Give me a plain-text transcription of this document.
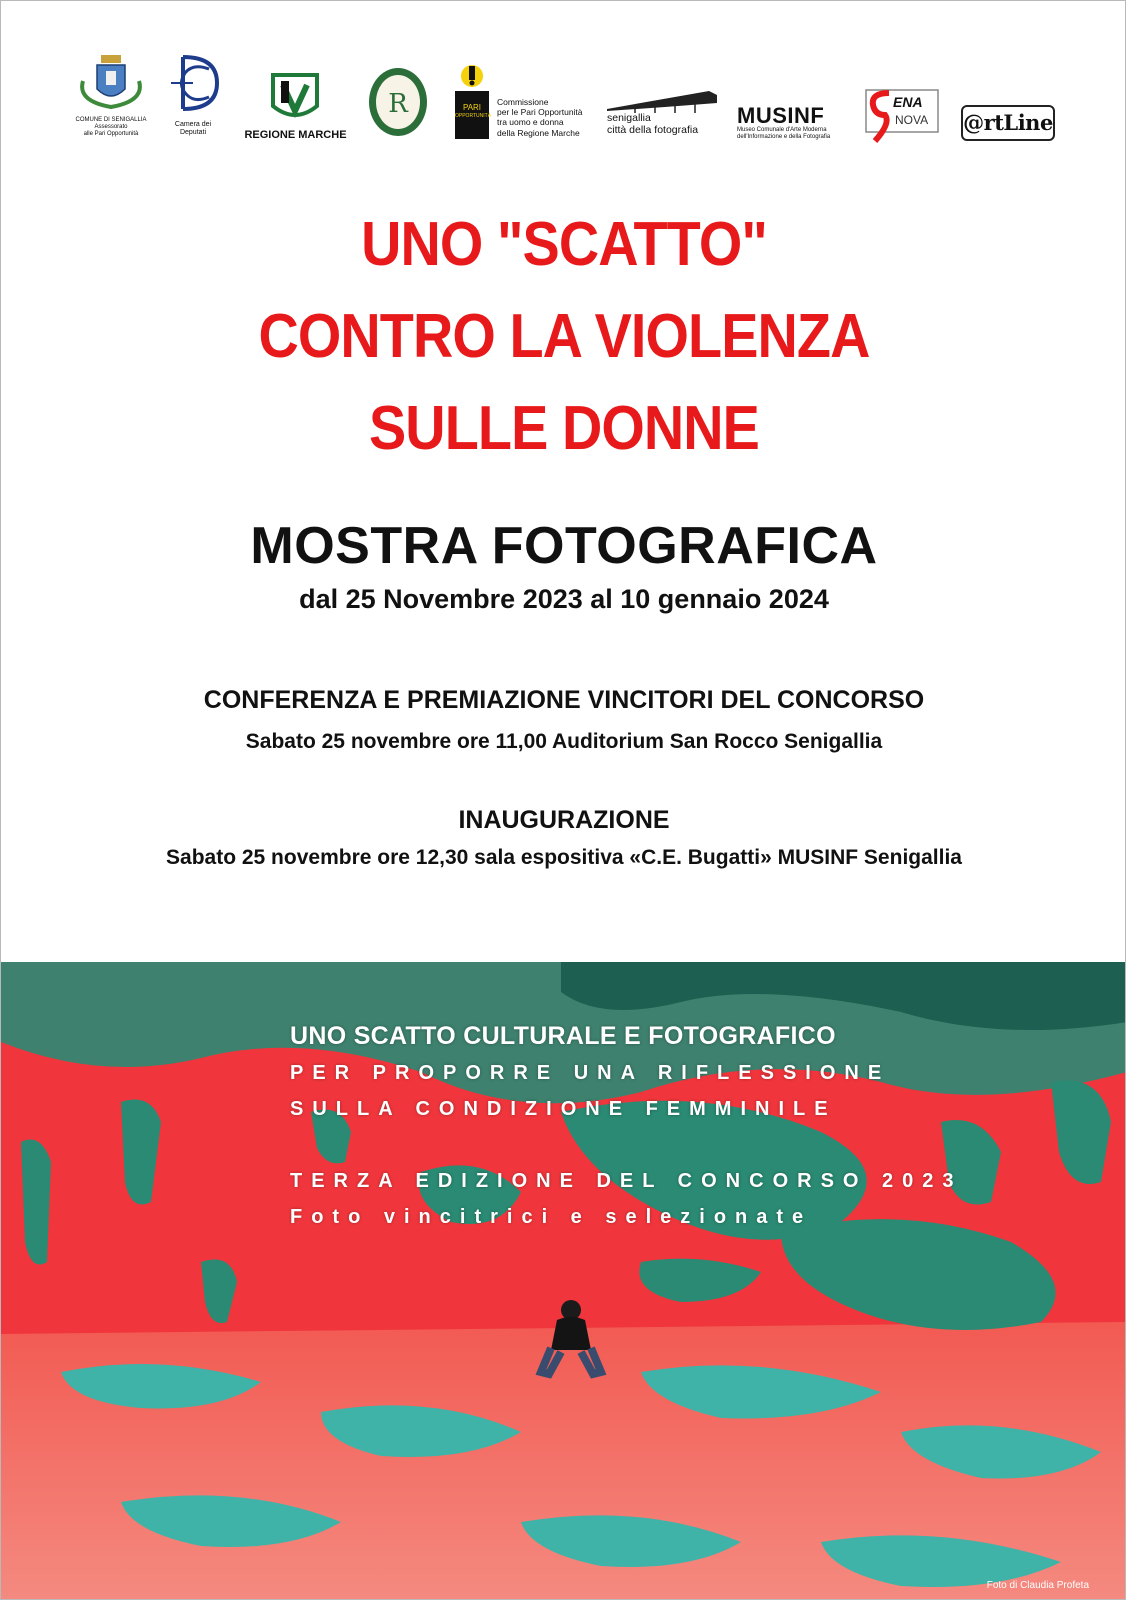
COMUNE DI SENIGALLIA
Assessorato
alle Pari Opportunità
Camera dei
Deputati	REGIONE MARCHE
R	PARI
OPPORTUNITÀ
Commissione
per le Pari Opportunità
tra uomo e donna
della Regione Marche
senigallia
città della fotografia
MUSINF
Museo Comunale d'Arte Moderna
dell'Informazione e della Fotografia
ENA
NOVA @rtLine
UNO "SCATTO"
CONTRO LA VIOLENZA
SULLE DONNE
MOSTRA FOTOGRAFICA
dal 25 Novembre 2023 al 10 gennaio 2024
CONFERENZA E PREMIAZIONE VINCITORI DEL CONCORSO
Sabato 25 novembre ore 11,00 Auditorium San Rocco Senigallia
INAUGURAZIONE
Sabato 25 novembre ore 12,30 sala espositiva «C.E. Bugatti» MUSINF Senigallia
UNO SCATTO CULTURALE E FOTOGRAFICO
PER PROPORRE UNA RIFLESSIONE
SULLA CONDIZIONE FEMMINILE
TERZA EDIZIONE DEL CONCORSO 2023
Foto vincitrici e selezionate
Foto di Claudia Profeta
